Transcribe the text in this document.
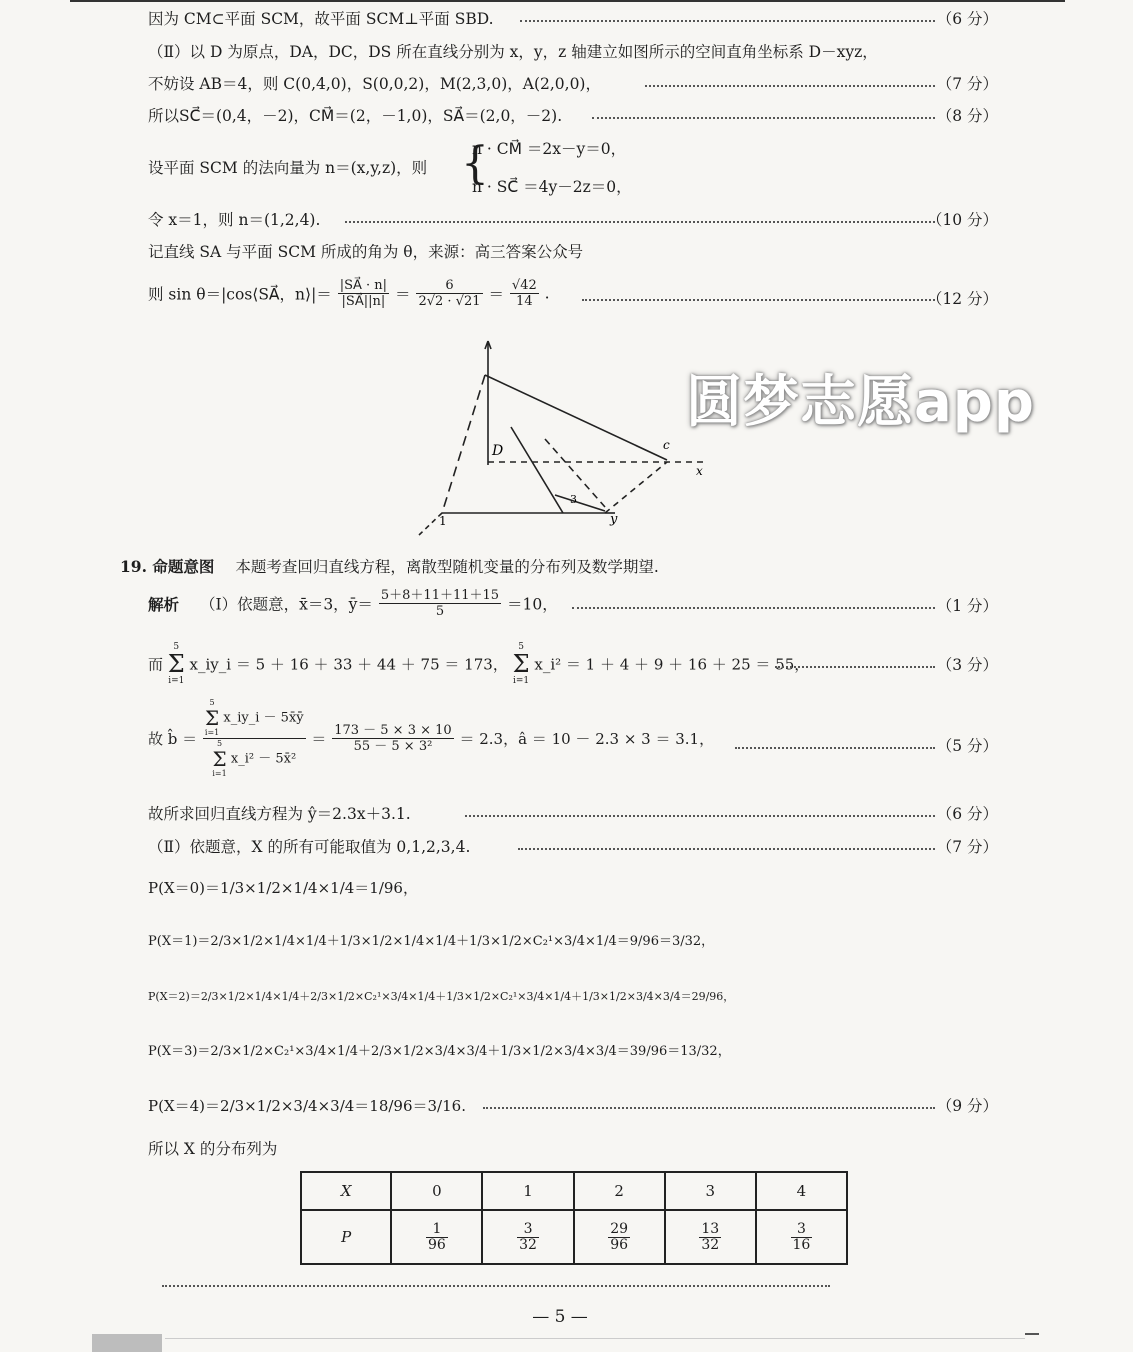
因为 CM⊂平面 SCM，故平面 SCM⊥平面 SBD.	（6 分）
（Ⅱ）以 D 为原点，DA，DC，DS 所在直线分别为 x，y，z 轴建立如图所示的空间直角坐标系 D－xyz，
不妨设 AB＝4，则 C(0,4,0)，S(0,0,2)，M(2,3,0)，A(2,0,0)，	（7 分）
所以SC⃗＝(0,4，－2)，CM⃗＝(2，－1,0)，SA⃗＝(2,0，－2).	（8 分）
设平面 SCM 的法向量为 n＝(x,y,z)，则 {
n · CM⃗ ＝2x－y＝0，
n · SC⃗ ＝4y－2z＝0，
令 x＝1，则 n＝(1,2,4).	（10 分）
记直线 SA 与平面 SCM 所成的角为 θ，来源：高三答案公众号
则 sin θ＝|cos⟨SA⃗，n⟩|＝ $\frac{|SA⃗ \cdot n|}{|SA⃗||n|} = \frac{6}{2√2 \cdot √21} = \frac{√42}{14}$ .	（12 分）
D
1	y
x
c
3
圆梦志愿app
19. 命题意图 本题考查回归直线方程，离散型随机变量的分布列及数学期望.
解析 （Ⅰ）依题意，x̄＝3，ȳ＝ $\frac{5+8+11+11+15}{5} =10$，	（1 分）
而 5
Σ
i=1 x_iy_i ＝ 5 ＋ 16 ＋ 33 ＋ 44 ＋ 75 ＝ 173， 5
Σ
i=1 x_i² ＝ 1 ＋ 4 ＋ 9 ＋ 16 ＋ 25 ＝ 55，	（3 分）
故 b̂ ＝ 5
Σ
i=1 x_iy_i － 5x̄ȳ
5
Σ
i=1 x_i² － 5x̄² ＝ $\frac{173 - 5 \times 3 \times 10}{\text{55 － 5 × 3²}} = 2.3$，â ＝ 10 － 2.3 × 3 ＝ 3.1，	（5 分）
故所求回归直线方程为 ŷ＝2.3x＋3.1.	（6 分）
（Ⅱ）依题意，X 的所有可能取值为 0,1,2,3,4.	（7 分）
P(X＝0)＝1/3×1/2×1/4×1/4＝1/96，
P(X＝1)＝2/3×1/2×1/4×1/4＋1/3×1/2×1/4×1/4＋1/3×1/2×C₂¹×3/4×1/4＝9/96＝3/32，
P(X＝2)＝2/3×1/2×1/4×1/4＋2/3×1/2×C₂¹×3/4×1/4＋1/3×1/2×C₂¹×3/4×1/4＋1/3×1/2×3/4×3/4＝29/96，
P(X＝3)＝2/3×1/2×C₂¹×3/4×1/4＋2/3×1/2×3/4×3/4＋1/3×1/2×3/4×3/4＝39/96＝13/32，
P(X＝4)＝2/3×1/2×3/4×3/4＝18/96＝3/16.	（9 分）
所以 X 的分布列为
X	0	1	2	3	4
P	$\frac{1}{96}$	$\frac{3}{32}$	$\frac{29}{96}$	$\frac{13}{32}$	$\frac{3}{16}$
— 5 —
